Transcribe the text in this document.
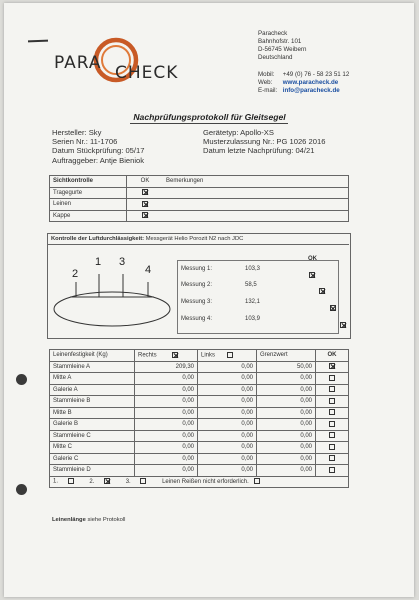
PARA CHECK
Paracheck
Bahnhofstr. 101
D-56745 Weibern
Deutschland
Mobil: +49 (0) 76 - 58 23 51 12
Web: www.paracheck.de
E-mail: info@paracheck.de
Nachprüfungsprotokoll für Gleitsegel
Hersteller: Sky
Serien Nr.: 11-1706
Datum Stückprüfung: 05/17
Auftraggeber: Antje Bieniok
Gerätetyp: Apollo-XS
Musterzulassung Nr.: PG 1026 2016
Datum letzte Nachprüfung: 04/21
Sichtkontrolle	OK	Bemerkungen
Tragegurte		
Leinen		
Kappe		
Kontrolle der Luftdurchlässigkeit: Messgerät Helio Porozit N2 nach JDC
1
2
3
4
OK
Messung 1:	103,3

Messung 2:	58,5

Messung 3:	132,1

Messung 4:	103,9
Leinenfestigkeit (Kg)	Rechts	Links	Grenzwert	OK
Stammleine A	209,30	0,00	50,00	
Mitte A	0,00	0,00	0,00	
Galerie A	0,00	0,00	0,00	
Stammleine B	0,00	0,00	0,00	
Mitte B	0,00	0,00	0,00	
Galerie B	0,00	0,00	0,00	
Stammleine C	0,00	0,00	0,00	
Mitte C	0,00	0,00	0,00	
Galerie C	0,00	0,00	0,00	
Stammleine D	0,00	0,00	0,00	
1. 2. 3. Leinen Reißen nicht erforderlich.				
Leinenlänge siehe Protokoll
